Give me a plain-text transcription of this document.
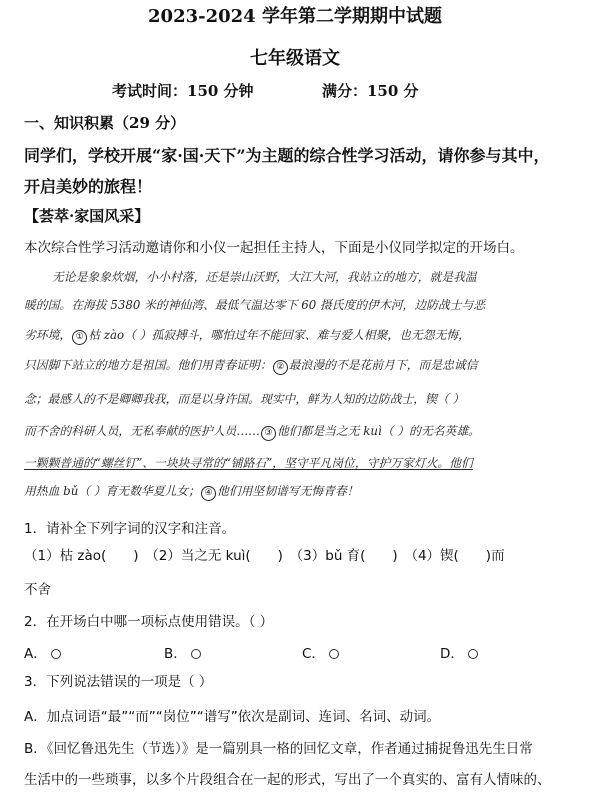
2023-2024 学年第二学期期中试题
七年级语文
考试时间：150 分钟	满分：150 分
一、知识积累（29 分）
同学们，学校开展“家·国·天下”为主题的综合性学习活动，请你参与其中，
开启美妙的旅程！
【荟萃·家国风采】
本次综合性学习活动邀请你和小仪一起担任主持人，下面是小仪同学拟定的开场白。
无论是象象炊烟，小小村落，还是崇山沃野，大江大河，我站立的地方，就是我温
暖的国。在海拔 5380 米的神仙湾、最低气温达零下 60 摄氏度的伊木河，边防战士与恶
劣环境， ① 枯 zào（ ）孤寂搏斗，哪怕过年不能回家、难与爱人相聚，也无怨无悔，
只因脚下站立的地方是祖国。他们用青春证明： ② 最浪漫的不是花前月下，而是忠诚信
念；最感人的不是卿卿我我，而是以身许国。现实中，鲜为人知的边防战士，锲（ ）
而不舍的科研人员，无私奉献的医护人员…… ③ 他们都是当之无 kuì（ ）的无名英雄。
一颗颗普通的“螺丝钉”、一块块寻常的“铺路石”，坚守平凡岗位，守护万家灯火。他们
用热血 bǔ（ ）育无数华夏儿女； ④ 他们用坚韧谱写无悔青春！
1．请补全下列字词的汉字和注音。
（1）枯 zào(　　)　（2）当之无 kuì(　　)　（3）bǔ 育(　　)　（4）锲(　　)而
不舍
2．在开场白中哪一项标点使用错误。（ ）
A．	B．	C．	D．
3．下列说法错误的一项是（ ）
A．加点词语“最”“而”“岗位”“谱写”依次是副词、连词、名词、动词。
B．《回忆鲁迅先生（节选）》是一篇别具一格的回忆文章，作者通过捕捉鲁迅先生日常
生活中的一些琐事，以多个片段组合在一起的形式，写出了一个真实的、富有人情味的、
